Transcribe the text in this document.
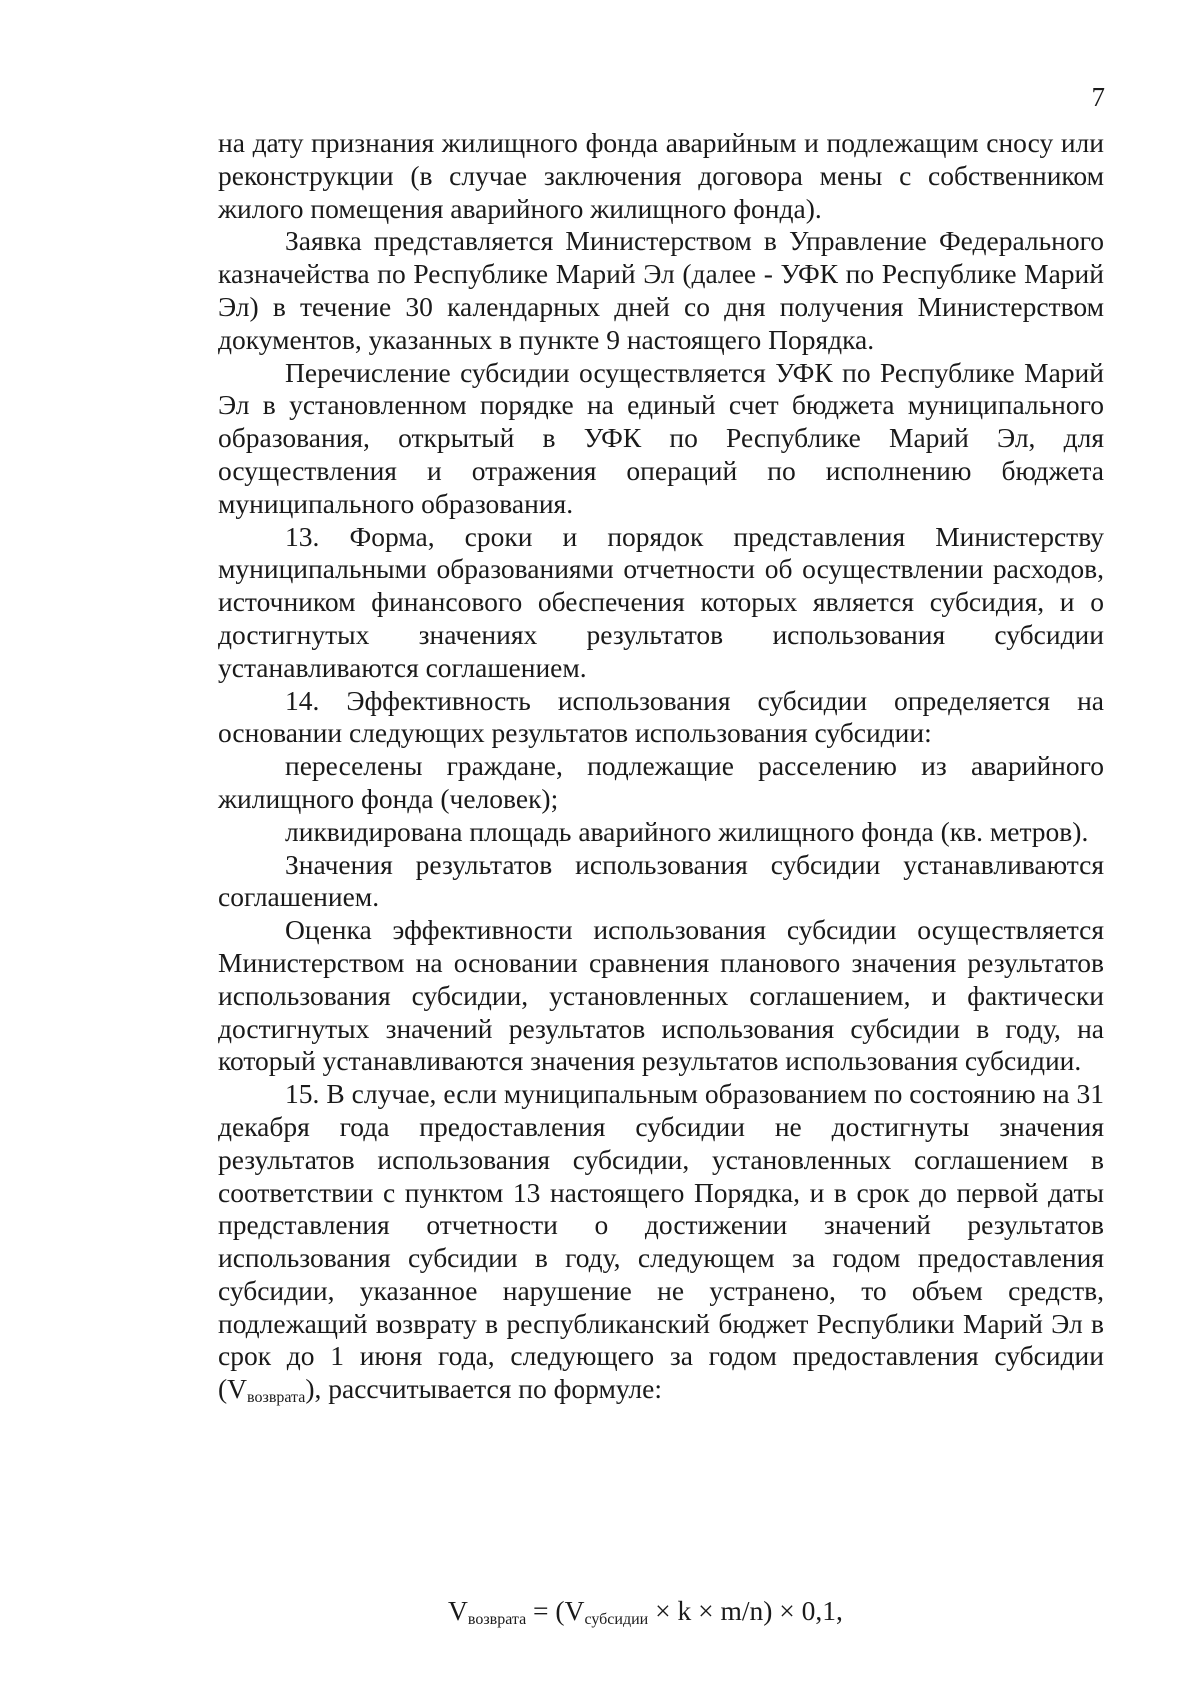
7

на дату признания жилищного фонда аварийным и подлежащим сносу или реконструкции (в случае заключения договора мены с собственником жилого помещения аварийного жилищного фонда).

Заявка представляется Министерством в Управление Федерального казначейства по Республике Марий Эл (далее - УФК по Республике Марий Эл) в течение 30 календарных дней со дня получения Министерством документов, указанных в пункте 9 настоящего Порядка.

Перечисление субсидии осуществляется УФК по Республике Марий Эл в установленном порядке на единый счет бюджета муниципального образования, открытый в УФК по Республике Марий Эл, для осуществления и отражения операций по исполнению бюджета муниципального образования.

13. Форма, сроки и порядок представления Министерству муниципальными образованиями отчетности об осуществлении расходов, источником финансового обеспечения которых является субсидия, и о достигнутых значениях результатов использования субсидии устанавливаются соглашением.

14. Эффективность использования субсидии определяется на основании следующих результатов использования субсидии:

переселены граждане, подлежащие расселению из аварийного жилищного фонда (человек);

ликвидирована площадь аварийного жилищного фонда (кв. метров).

Значения результатов использования субсидии устанавливаются соглашением.

Оценка эффективности использования субсидии осуществляется Министерством на основании сравнения планового значения результатов использования субсидии, установленных соглашением, и фактически достигнутых значений результатов использования субсидии в году, на который устанавливаются значения результатов использования субсидии.

15. В случае, если муниципальным образованием по состоянию на 31 декабря года предоставления субсидии не достигнуты значения результатов использования субсидии, установленных соглашением в соответствии с пунктом 13 настоящего Порядка, и в срок до первой даты представления отчетности о достижении значений результатов использования субсидии в году, следующем за годом предоставления субсидии, указанное нарушение не устранено, то объем средств, подлежащий возврату в республиканский бюджет Республики Марий Эл в срок до 1 июня года, следующего за годом предоставления субсидии (Vвозврата), рассчитывается по формуле:

$V_{возврата} = (V_{субсидии} \times k \times m/n) \times 0,1$,
